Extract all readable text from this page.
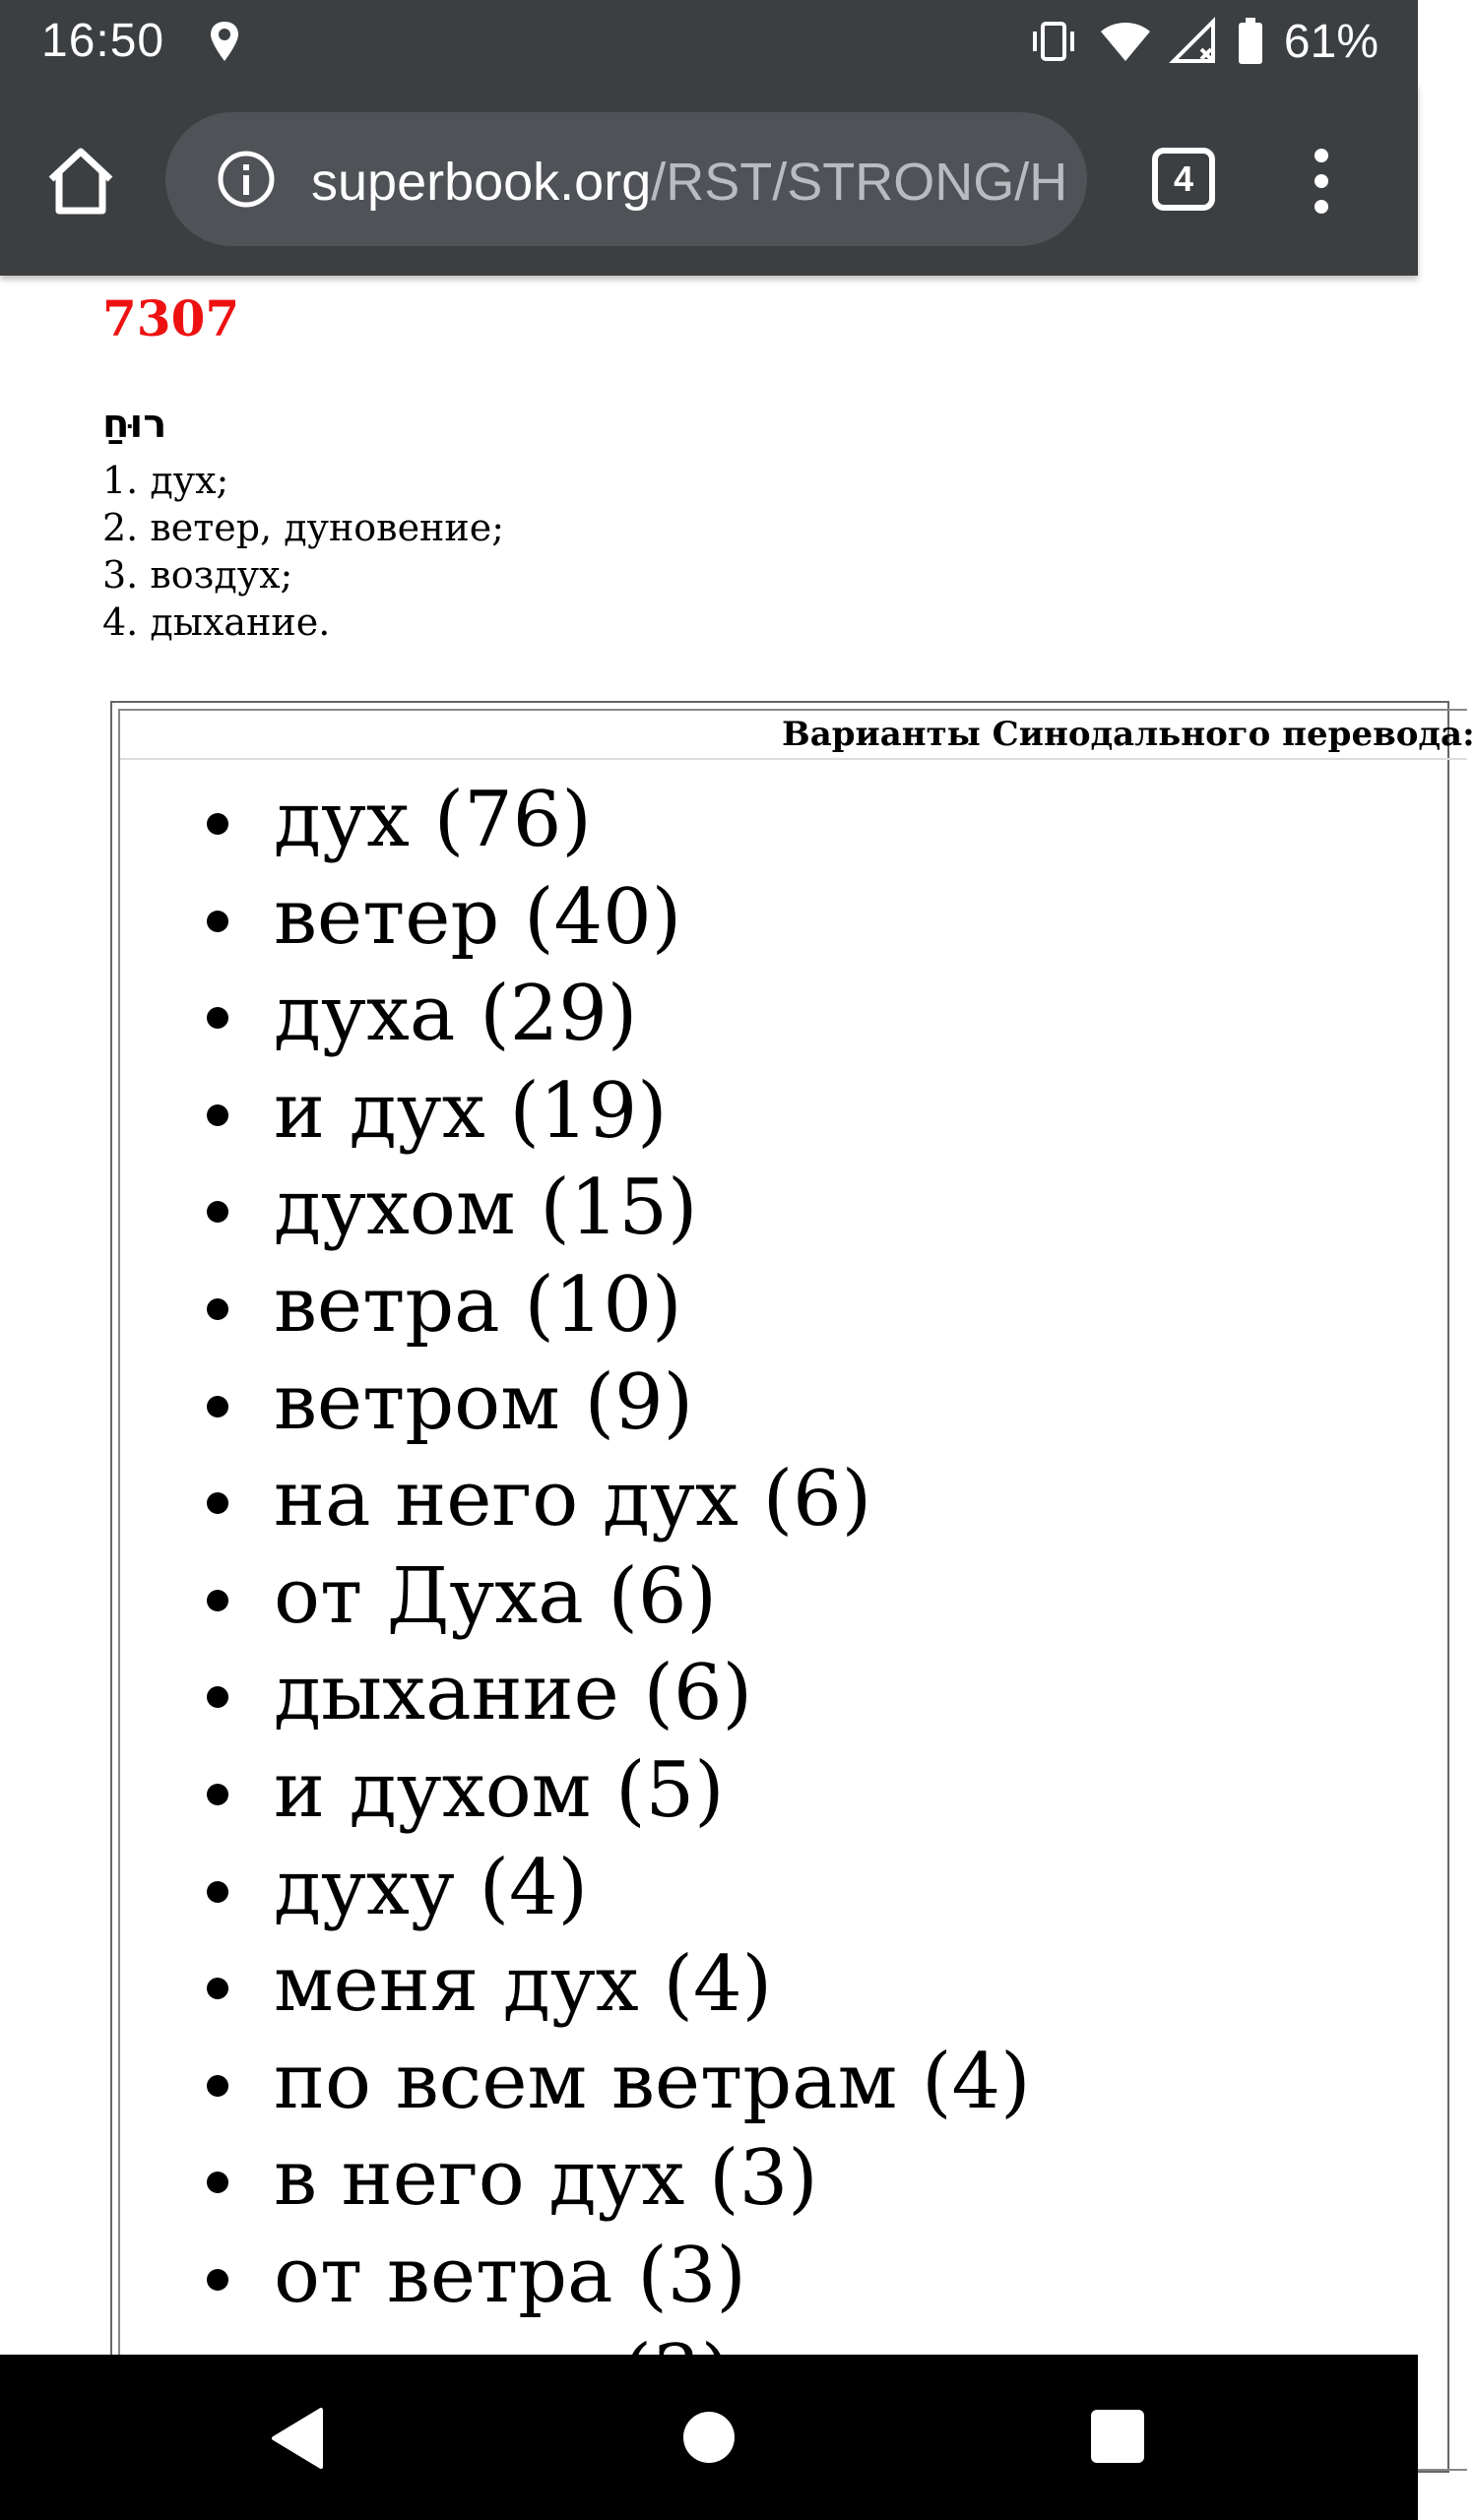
16:50	61%
superbook.org/RST/STRONG/H	4
7307
רוּחַ
1. дух;
2. ветер, дуновение;
3. воздух;
4. дыхание.
Варианты Синодального перевода:
дух (76)
ветер (40)
духа (29)
и дух (19)
духом (15)
ветра (10)
ветром (9)
на него дух (6)
от Духа (6)
дыхание (6)
и духом (5)
духу (4)
меня дух (4)
по всем ветрам (4)
в него дух (3)
от ветра (3)
